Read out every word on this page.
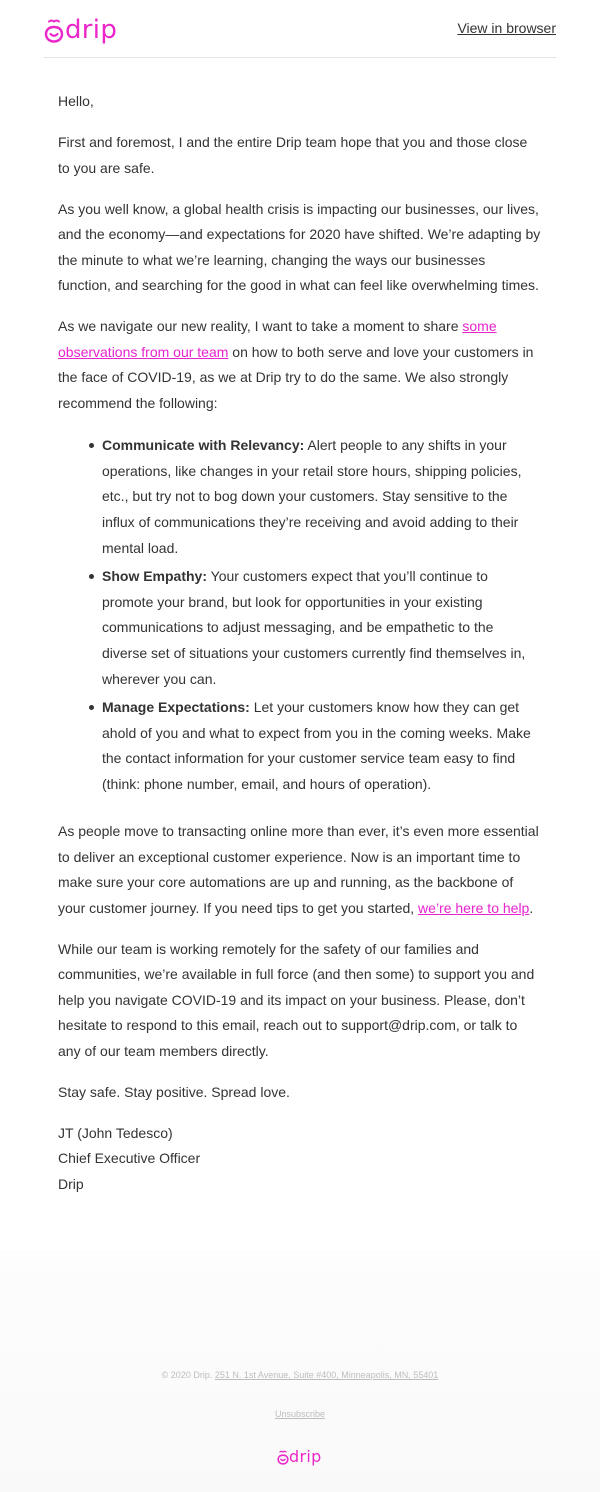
drip	View in browser

Hello,

First and foremost, I and the entire Drip team hope that you and those close to you are safe.

As you well know, a global health crisis is impacting our businesses, our lives, and the economy—and expectations for 2020 have shifted. We’re adapting by the minute to what we’re learning, changing the ways our businesses function, and searching for the good in what can feel like overwhelming times.

As we navigate our new reality, I want to take a moment to share some observations from our team on how to both serve and love your customers in the face of COVID-19, as we at Drip try to do the same. We also strongly recommend the following:

Communicate with Relevancy: Alert people to any shifts in your operations, like changes in your retail store hours, shipping policies, etc., but try not to bog down your customers. Stay sensitive to the influx of communications they’re receiving and avoid adding to their mental load.
Show Empathy: Your customers expect that you’ll continue to promote your brand, but look for opportunities in your existing communications to adjust messaging, and be empathetic to the diverse set of situations your customers currently find themselves in, wherever you can.
Manage Expectations: Let your customers know how they can get ahold of you and what to expect from you in the coming weeks. Make the contact information for your customer service team easy to find (think: phone number, email, and hours of operation).

As people move to transacting online more than ever, it’s even more essential to deliver an exceptional customer experience. Now is an important time to make sure your core automations are up and running, as the backbone of your customer journey. If you need tips to get you started, we’re here to help.

While our team is working remotely for the safety of our families and communities, we’re available in full force (and then some) to support you and help you navigate COVID-19 and its impact on your business. Please, don’t hesitate to respond to this email, reach out to support@drip.com, or talk to any of our team members directly.

Stay safe. Stay positive. Spread love.

JT (John Tedesco)

Chief Executive Officer

Drip

© 2020 Drip. 251 N. 1st Avenue, Suite #400, Minneapolis, MN, 55401
Unsubscribe
drip
